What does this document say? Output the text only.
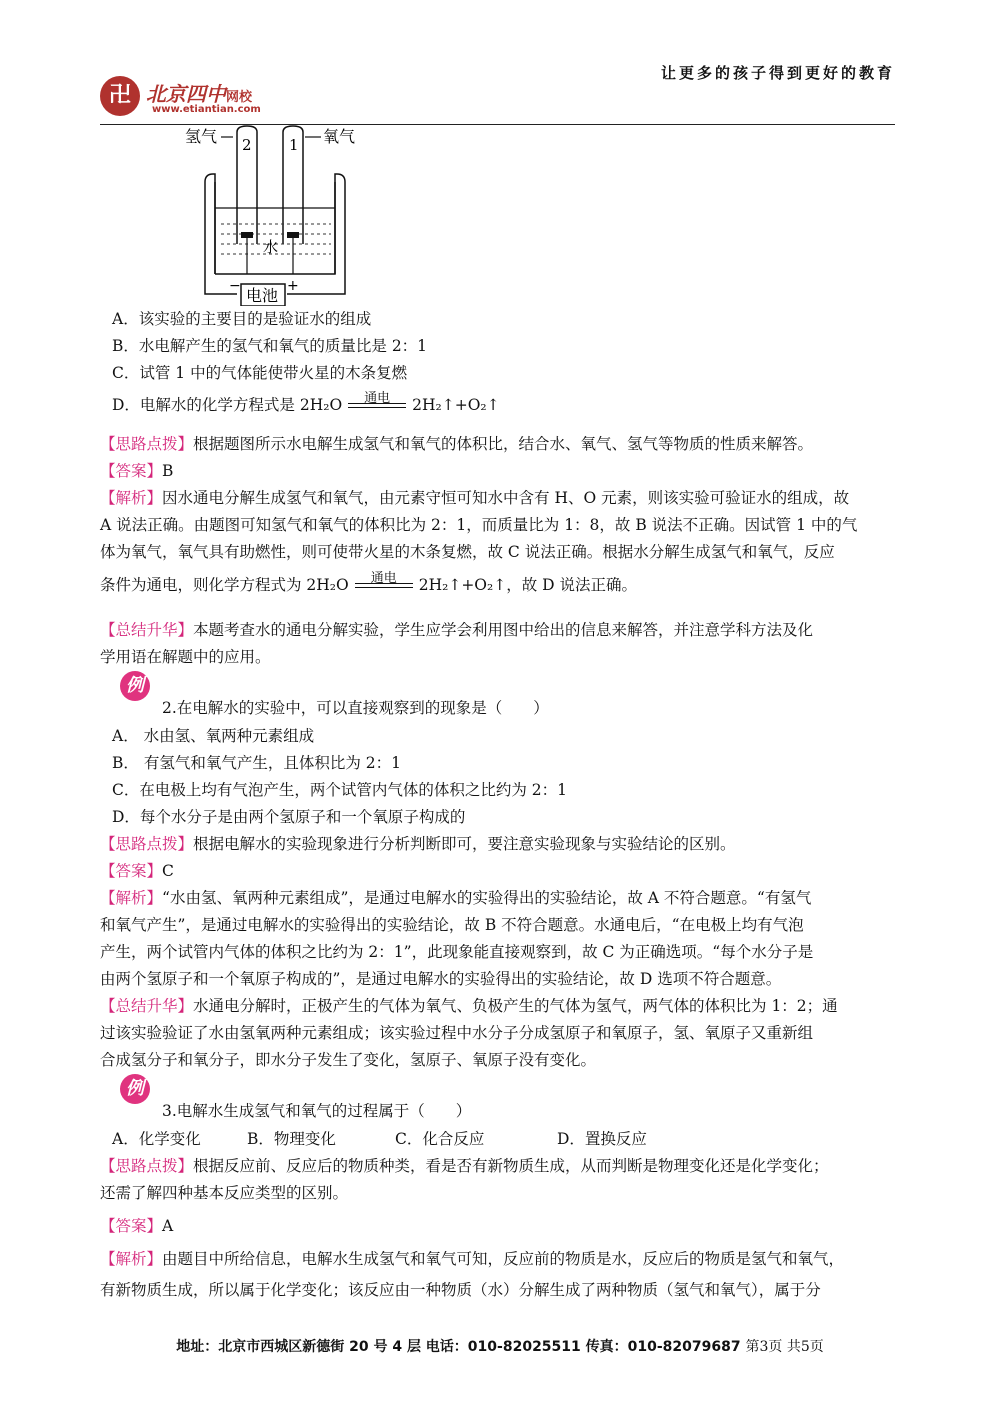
让更多的孩子得到更好的教育
卍 北京四中网校
www.etiantian.com
氢气	氧气
2 1
水
电池
−	+
A．该实验的主要目的是验证水的组成
B．水电解产生的氢气和氧气的质量比是 2：1
C．试管 1 中的气体能使带火星的木条复燃
D．电解水的化学方程式是 2H₂O	通电	2H₂↑+O₂↑
【思路点拨】根据题图所示水电解生成氢气和氧气的体积比，结合水、氧气、氢气等物质的性质来解答。
【答案】B
【解析】因水通电分解生成氢气和氧气，由元素守恒可知水中含有 H、O 元素，则该实验可验证水的组成，故
A 说法正确。由题图可知氢气和氧气的体积比为 2：1，而质量比为 1：8，故 B 说法不正确。因试管 1 中的气
体为氧气，氧气具有助燃性，则可使带火星的木条复燃，故 C 说法正确。根据水分解生成氢气和氧气，反应
条件为通电，则化学方程式为 2H₂O	通电	2H₂↑+O₂↑，故 D 说法正确。
【总结升华】本题考查水的通电分解实验，学生应学会利用图中给出的信息来解答，并注意学科方法及化
学用语在解题中的应用。
例
2.在电解水的实验中，可以直接观察到的现象是（　　）
A． 水由氢、氧两种元素组成
B． 有氢气和氧气产生，且体积比为 2：1
C．在电极上均有气泡产生，两个试管内气体的体积之比约为 2：1
D．每个水分子是由两个氢原子和一个氧原子构成的
【思路点拨】根据电解水的实验现象进行分析判断即可，要注意实验现象与实验结论的区别。
【答案】C
【解析】“水由氢、氧两种元素组成”，是通过电解水的实验得出的实验结论，故 A 不符合题意。“有氢气
和氧气产生”，是通过电解水的实验得出的实验结论，故 B 不符合题意。水通电后，“在电极上均有气泡
产生，两个试管内气体的体积之比约为 2：1”，此现象能直接观察到，故 C 为正确选项。“每个水分子是
由两个氢原子和一个氧原子构成的”，是通过电解水的实验得出的实验结论，故 D 选项不符合题意。
【总结升华】水通电分解时，正极产生的气体为氧气、负极产生的气体为氢气，两气体的体积比为 1：2；通
过该实验验证了水由氢氧两种元素组成；该实验过程中水分子分成氢原子和氧原子，氢、氧原子又重新组
合成氢分子和氧分子，即水分子发生了变化，氢原子、氧原子没有变化。
例
3.电解水生成氢气和氧气的过程属于（　　）
A．化学变化	B．物理变化	C．化合反应	D．置换反应
【思路点拨】根据反应前、反应后的物质种类，看是否有新物质生成，从而判断是物理变化还是化学变化；
还需了解四种基本反应类型的区别。
【答案】A
【解析】由题目中所给信息，电解水生成氢气和氧气可知，反应前的物质是水，反应后的物质是氢气和氧气，
有新物质生成，所以属于化学变化；该反应由一种物质（水）分解生成了两种物质（氢气和氧气），属于分
地址：北京市西城区新德街 20 号 4 层 电话：010-82025511 传真：010-82079687 第3页 共5页
